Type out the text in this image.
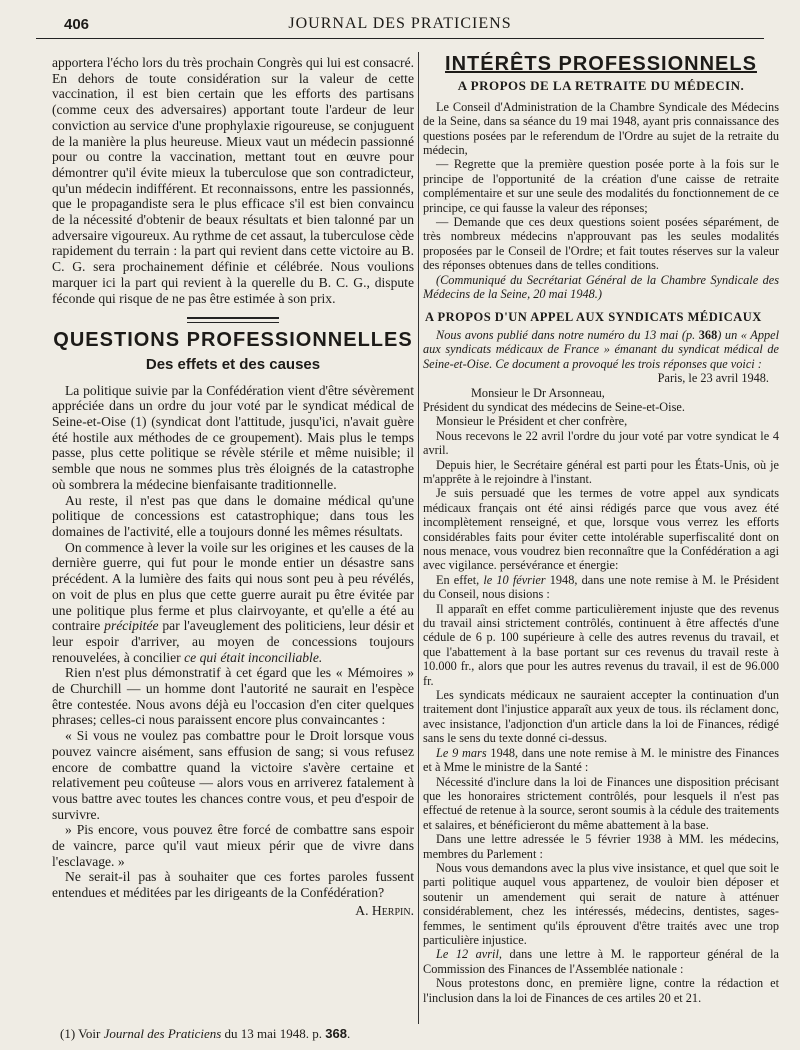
406	JOURNAL DES PRATICIENS

apportera l'écho lors du très prochain Congrès qui lui est consacré. En dehors de toute considération sur la valeur de cette vaccination, il est bien certain que les efforts des partisans (comme ceux des adversaires) apportant toute l'ardeur de leur conviction au service d'une prophylaxie rigoureuse, se conjuguent de la manière la plus heureuse. Mieux vaut un médecin passionné pour ou contre la vaccination, mettant tout en œuvre pour démontrer qu'il évite mieux la tuberculose que son contradicteur, qu'un médecin indifférent. Et reconnaissons, entre les passionnés, que le propagandiste sera le plus efficace s'il est bien convaincu de la nécessité d'obtenir de beaux résultats et bien talonné par un adversaire vigoureux. Au rythme de cet assaut, la tuberculose cède rapidement du terrain : la part qui revient dans cette victoire au B. C. G. sera prochainement définie et célébrée. Nous voulions marquer ici la part qui revient à la querelle du B. C. G., dispute féconde qui risque de ne pas être estimée à son prix.

QUESTIONS PROFESSIONNELLES
Des effets et des causes

La politique suivie par la Confédération vient d'être sévèrement appréciée dans un ordre du jour voté par le syndicat médical de Seine-et-Oise (1) (syndicat dont l'attitude, jusqu'ici, n'avait guère été hostile aux méthodes de ce groupement). Mais plus le temps passe, plus cette politique se révèle stérile et même nuisible; il semble que nous ne sommes plus très éloignés de la catastrophe où sombrera la médecine bienfaisante traditionnelle.

Au reste, il n'est pas que dans le domaine médical qu'une politique de concessions est catastrophique; dans tous les domaines de l'activité, elle a toujours donné les mêmes résultats.

On commence à lever la voile sur les origines et les causes de la dernière guerre, qui fut pour le monde entier un désastre sans précédent. A la lumière des faits qui nous sont peu à peu révélés, on voit de plus en plus que cette guerre aurait pu être évitée par une politique plus ferme et plus clairvoyante, et qu'elle a été au contraire précipitée par l'aveuglement des politiciens, leur désir et leur espoir d'arriver, au moyen de concessions toujours renouvelées, à concilier ce qui était inconciliable.

Rien n'est plus démonstratif à cet égard que les « Mémoires » de Churchill — un homme dont l'autorité ne saurait en l'espèce être contestée. Nous avons déjà eu l'occasion d'en citer quelques phrases; celles-ci nous paraissent encore plus convaincantes :

« Si vous ne voulez pas combattre pour le Droit lorsque vous pouvez vaincre aisément, sans effusion de sang; si vous refusez encore de combattre quand la victoire s'avère certaine et relativement peu coûteuse — alors vous en arriverez fatalement à vous battre avec toutes les chances contre vous, et peu d'espoir de survivre.

» Pis encore, vous pouvez être forcé de combattre sans espoir de vaincre, parce qu'il vaut mieux périr que de vivre dans l'esclavage. »

Ne serait-il pas à souhaiter que ces fortes paroles fussent entendues et méditées par les dirigeants de la Confédération?

A. Herpin.
(1) Voir Journal des Praticiens du 13 mai 1948. p. 368.
INTÉRÊTS PROFESSIONNELS
A PROPOS DE LA RETRAITE DU MÉDECIN.

Le Conseil d'Administration de la Chambre Syndicale des Médecins de la Seine, dans sa séance du 19 mai 1948, ayant pris connaissance des questions posées par le referendum de l'Ordre au sujet de la retraite du médecin,

— Regrette que la première question posée porte à la fois sur le principe de l'opportunité de la création d'une caisse de retraite complémentaire et sur une seule des modalités du fonctionnement de ce principe, ce qui fausse la valeur des réponses;

— Demande que ces deux questions soient posées séparément, de très nombreux médecins n'approuvant pas les seules modalités proposées par le Conseil de l'Ordre; et fait toutes réserves sur la valeur des réponses obtenues dans de telles conditions.

(Communiqué du Secrétariat Général de la Chambre Syndicale des Médecins de la Seine, 20 mai 1948.)

A PROPOS D'UN APPEL AUX SYNDICATS MÉDICAUX

Nous avons publié dans notre numéro du 13 mai (p. 368) un « Appel aux syndicats médicaux de France » émanant du syndicat médical de Seine-et-Oise. Ce document a provoqué les trois réponses que voici :

Paris, le 23 avril 1948.

Monsieur le Dr Arsonneau,

Président du syndicat des médecins de Seine-et-Oise.

Monsieur le Président et cher confrère,

Nous recevons le 22 avril l'ordre du jour voté par votre syndicat le 4 avril.

Depuis hier, le Secrétaire général est parti pour les États-Unis, où je m'apprête à le rejoindre à l'instant.

Je suis persuadé que les termes de votre appel aux syndicats médicaux français ont été ainsi rédigés parce que vous avez été incomplètement renseigné, et que, lorsque vous verrez les efforts considérables faits pour éviter cette intolérable superfiscalité dont on nous menace, vous voudrez bien reconnaître que la Confédération a agi avec vigilance. persévérance et énergie:

En effet, le 10 février 1948, dans une note remise à M. le Président du Conseil, nous disions :

Il apparaît en effet comme particulièrement injuste que des revenus du travail ainsi strictement contrôlés, continuent à être affectés d'une cédule de 6 p. 100 supérieure à celle des autres revenus du travail, et que l'abattement à la base portant sur ces revenus du travail reste à 10.000 fr., alors que pour les autres revenus du travail, il est de 96.000 fr.

Les syndicats médicaux ne sauraient accepter la continuation d'un traitement dont l'injustice apparaît aux yeux de tous. ils réclament donc, avec insistance, l'adjonction d'un article dans la loi de Finances, rédigé sans le sens du texte donné ci-dessus.

Le 9 mars 1948, dans une note remise à M. le ministre des Finances et à Mme le ministre de la Santé :

Nécessité d'inclure dans la loi de Finances une disposition précisant que les honoraires strictement contrôlés, pour lesquels il n'est pas effectué de retenue à la source, seront soumis à la cédule des traitements et salaires, et bénéficieront du même abattement à la base.

Dans une lettre adressée le 5 février 1938 à MM. les médecins, membres du Parlement :

Nous vous demandons avec la plus vive insistance, et quel que soit le parti politique auquel vous appartenez, de vouloir bien déposer et soutenir un amendement qui serait de nature à atténuer considérablement, chez les intéressés, médecins, dentistes, sages-femmes, le sentiment qu'ils éprouvent d'être traités avec une trop particulière injustice.

Le 12 avril, dans une lettre à M. le rapporteur général de la Commission des Finances de l'Assemblée nationale :

Nous protestons donc, en première ligne, contre la rédaction et l'inclusion dans la loi de Finances de ces artiles 20 et 21.
